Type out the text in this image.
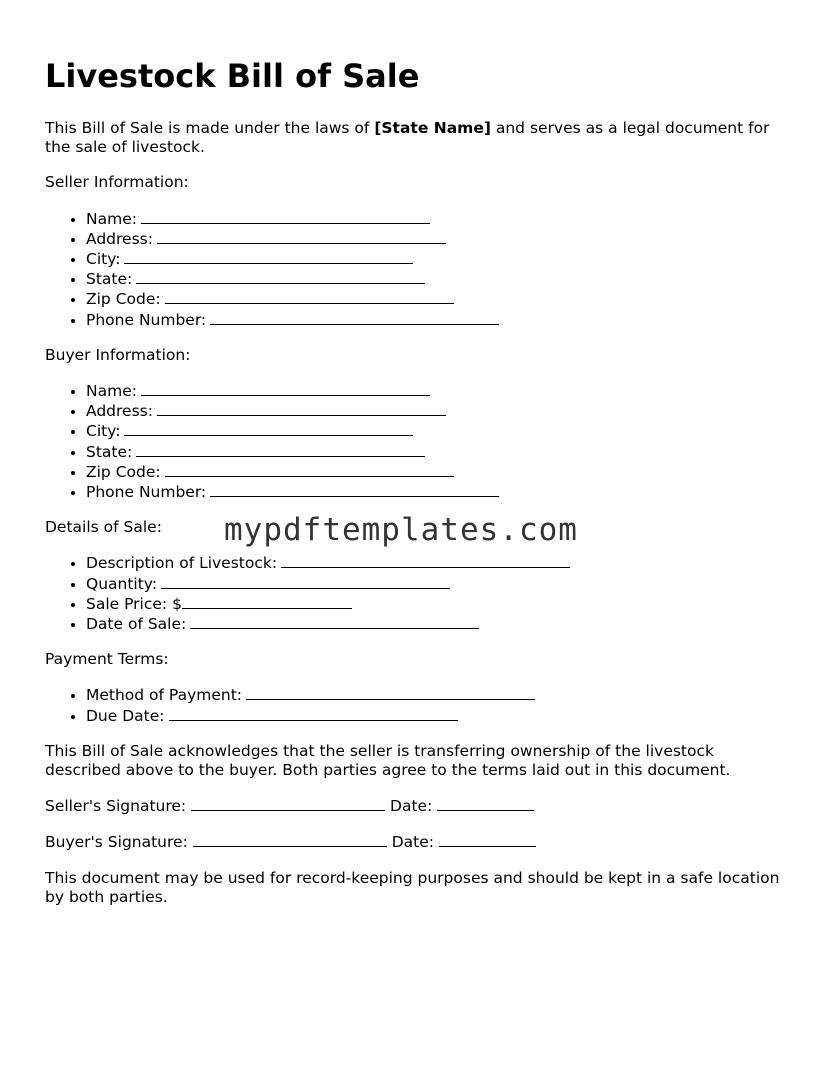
Livestock Bill of Sale

This Bill of Sale is made under the laws of [State Name] and serves as a legal document for the sale of livestock.

Seller Information:

• Name:
• Address:
• City:
• State:
• Zip Code:
• Phone Number:

Buyer Information:

• Name:
• Address:
• City:
• State:
• Zip Code:
• Phone Number:

Details of Sale:

• Description of Livestock:
• Quantity:
• Sale Price: $
• Date of Sale:

Payment Terms:

• Method of Payment:
• Due Date:

This Bill of Sale acknowledges that the seller is transferring ownership of the livestock described above to the buyer. Both parties agree to the terms laid out in this document.

Seller's Signature:	Date:

Buyer's Signature:	Date:

This document may be used for record-keeping purposes and should be kept in a safe location by both parties.

mypdftemplates.com
